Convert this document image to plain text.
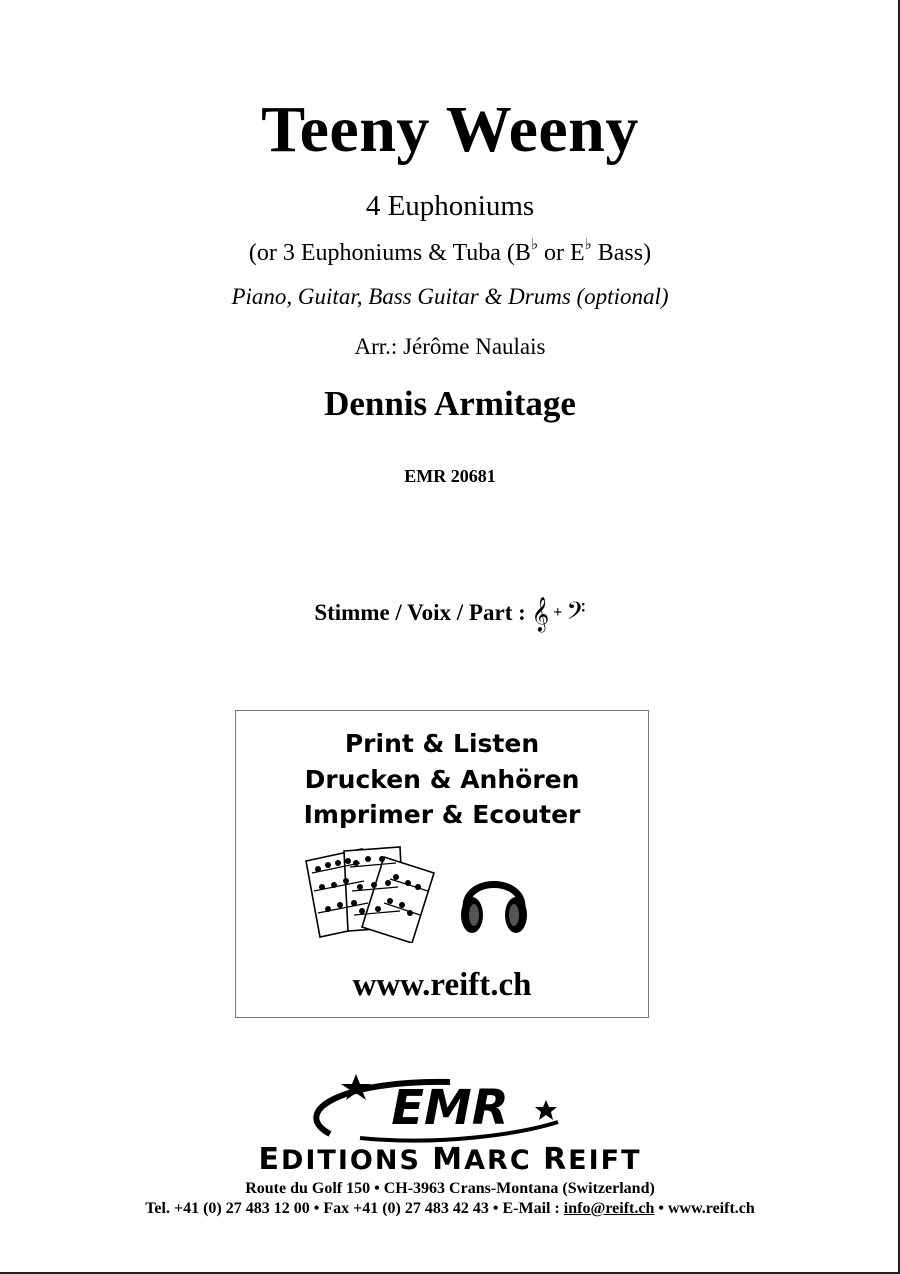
Teeny Weeny
4 Euphoniums
(or 3 Euphoniums & Tuba (B♭ or E♭ Bass)
Piano, Guitar, Bass Guitar & Drums (optional)
Arr.: Jérôme Naulais
Dennis Armitage
EMR 20681
Stimme / Voix / Part : 𝄞 + 𝄢
Print & Listen
Drucken & Anhören
Imprimer & Ecouter
www.reift.ch
EMR
EDITIONS MARC REIFT
Route du Golf 150 • CH-3963 Crans-Montana (Switzerland)
Tel. +41 (0) 27 483 12 00 • Fax +41 (0) 27 483 42 43 • E-Mail : info@reift.ch • www.reift.ch
